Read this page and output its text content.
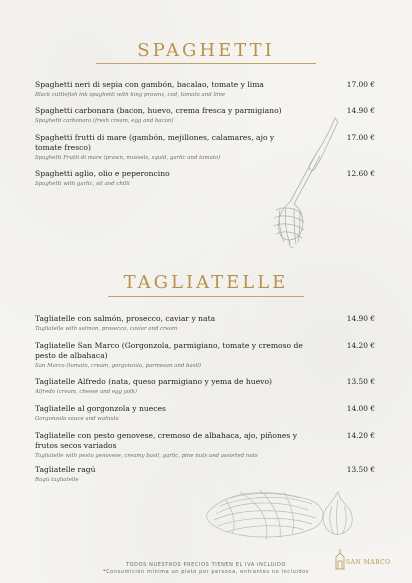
SPAGHETTI
Spaghetti neri di sepia con gambón, bacalao, tomate y lima
Black cuttlefish ink spaghetti with king prawns, cod, tomato and lime
17.00 €
Spaghetti carbonara (bacon, huevo, crema fresca y parmigiano)
Spaghetti carbonara (fresh cream, egg and bacon)
14.90 €
Spaghetti frutti di mare (gambón, mejillones, calamares, ajo y tomate fresco)
Spaghetti Frutti di mare (prawn, mussels, squid, garlic and tomato)
17.00 €
Spaghetti aglio, olio e peperoncino
Spaghetti with garlic, oil and chilli
12.60 €
TAGLIATELLE
Tagliatelle con salmón, prosecco, caviar y nata
Tagliatelle with salmon, prosecco, caviar and cream
14.90 €
Tagliatelle San Marco (Gorgonzola, parmigiano, tomate y cremoso de pesto de albahaca)
San Marco (tomato, cream, gorgonzola, parmesan and basil)
14.20 €
Tagliatelle Alfredo (nata, queso parmigiano y yema de huevo)
Alfredo (cream, cheese and egg yolk)
13.50 €
Tagliatelle al gorgonzola y nueces
Gorgonzola sauce and walnuts
14.00 €
Tagliatelle con pesto genovese, cremoso de albahaca, ajo, piñones y frutos secos variados
Tagliatelle with pesto genovese, creamy basil, garlic, pine nuts and assorted nuts
14.20 €
Tagliatelle ragú
Ragú tagliatelle
13.50 €
TODOS NUESTROS PRECIOS TIENEN EL IVA INCLUIDO
*Consumición mínima un plato por persona, entrantes no incluidos
SAN MARCO
